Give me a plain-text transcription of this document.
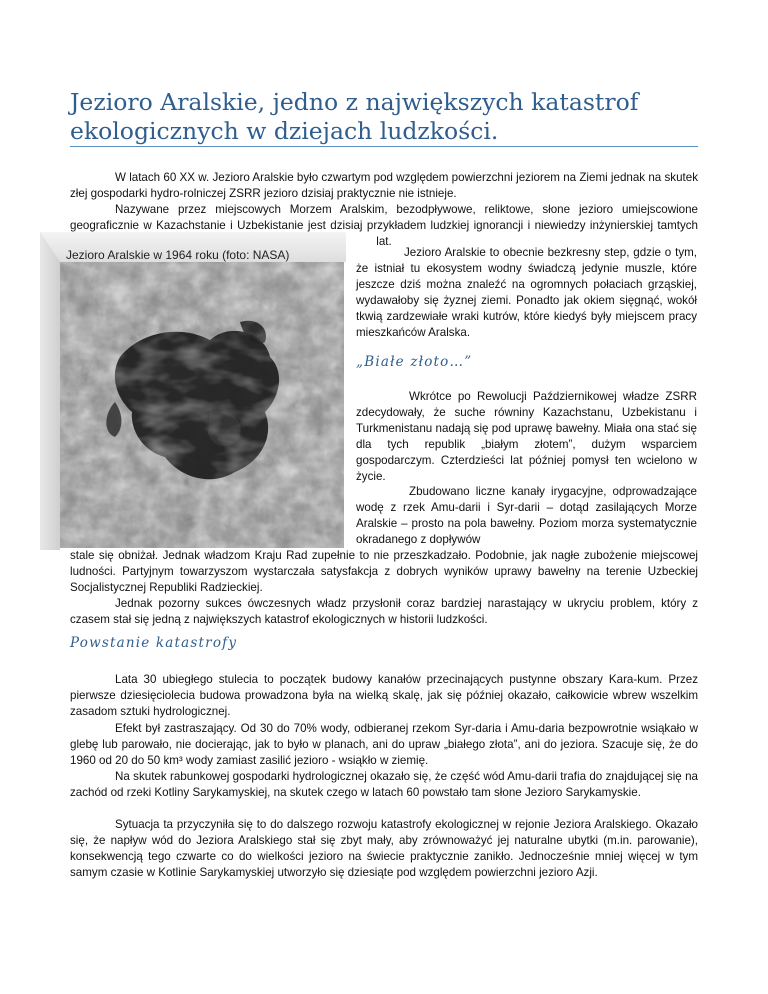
Jezioro Aralskie, jedno z największych katastrof ekologicznych w dziejach ludzkości.

W latach 60 XX w. Jezioro Aralskie było czwartym pod względem powierzchni jeziorem na Ziemi jednak na skutek złej gospodarki hydro-rolniczej ZSRR jezioro dzisiaj praktycznie nie istnieje.

Nazywane przez miejscowych Morzem Aralskim, bezodpływowe, reliktowe, słone jezioro umiejscowione geograficznie w Kazachstanie i Uzbekistanie jest dzisiaj przykładem ludzkiej ignorancji i niewiedzy inżynierskiej tamtych lat.

Jezioro Aralskie w 1964 roku (foto: NASA)	Jezioro Aralskie to obecnie bezkresny step, gdzie o tym, że istniał tu ekosystem wodny świadczą jedynie muszle, które jeszcze dziś można znaleźć na ogromnych połaciach grząskiej, wydawałoby się żyznej ziemi. Ponadto jak okiem sięgnąć, wokół tkwią zardzewiałe wraki kutrów, które kiedyś były miejscem pracy mieszkańców Aralska.

„Białe złoto…”

Wkrótce po Rewolucji Październikowej władze ZSRR zdecydowały, że suche równiny Kazachstanu, Uzbekistanu i Turkmenistanu nadają się pod uprawę bawełny. Miała ona stać się dla tych republik „białym złotem”, dużym wsparciem gospodarczym. Czterdzieści lat później pomysł ten wcielono w życie.

Zbudowano liczne kanały irygacyjne, odprowadzające wodę z rzek Amu-darii i Syr-darii – dotąd zasilających Morze Aralskie – prosto na pola bawełny. Poziom morza systematycznie okradanego z dopływów

stale się obniżał. Jednak władzom Kraju Rad zupełnie to nie przeszkadzało. Podobnie, jak nagłe zubożenie miejscowej ludności. Partyjnym towarzyszom wystarczała satysfakcja z dobrych wyników uprawy bawełny na terenie Uzbeckiej Socjalistycznej Republiki Radzieckiej.

Jednak pozorny sukces ówczesnych władz przysłonił coraz bardziej narastający w ukryciu problem, który z czasem stał się jedną z największych katastrof ekologicznych w historii ludzkości.

Powstanie katastrofy

Lata 30 ubiegłego stulecia to początek budowy kanałów przecinających pustynne obszary Kara-kum. Przez pierwsze dziesięciolecia budowa prowadzona była na wielką skalę, jak się później okazało, całkowicie wbrew wszelkim zasadom sztuki hydrologicznej.

Efekt był zastraszający. Od 30 do 70% wody, odbieranej rzekom Syr-daria i Amu-daria bezpowrotnie wsiąkało w glebę lub parowało, nie docierając, jak to było w planach, ani do upraw „białego złota”, ani do jeziora. Szacuje się, że do 1960 od 20 do 50 km³ wody zamiast zasilić jezioro - wsiąkło w ziemię.

Na skutek rabunkowej gospodarki hydrologicznej okazało się, że część wód Amu-darii trafia do znajdującej się na zachód od rzeki Kotliny Sarykamyskiej, na skutek czego w latach 60 powstało tam słone Jezioro Sarykamyskie.

Sytuacja ta przyczyniła się to do dalszego rozwoju katastrofy ekologicznej w rejonie Jeziora Aralskiego. Okazało się, że napływ wód do Jeziora Aralskiego stał się zbyt mały, aby zrównoważyć jej naturalne ubytki (m.in. parowanie), konsekwencją tego czwarte co do wielkości jezioro na świecie praktycznie zanikło. Jednocześnie mniej więcej w tym samym czasie w Kotlinie Sarykamyskiej utworzyło się dziesiąte pod względem powierzchni jezioro Azji.
